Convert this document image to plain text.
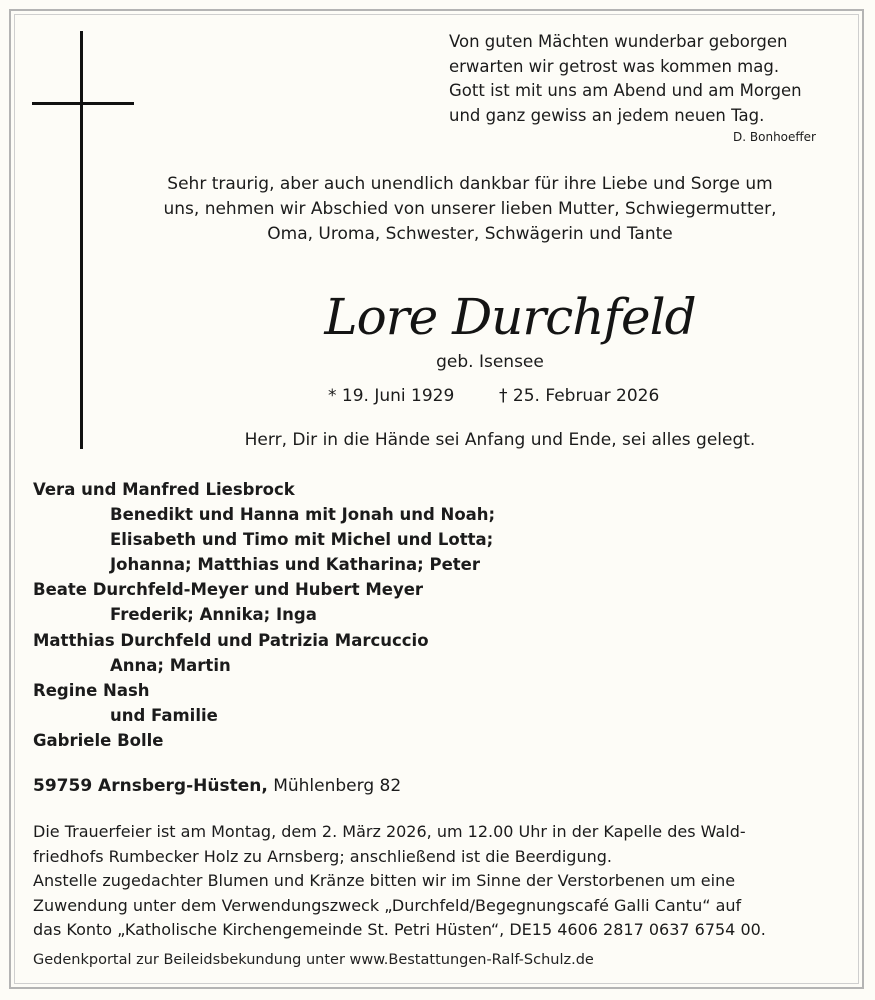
Von guten Mächten wunderbar geborgen
erwarten wir getrost was kommen mag.
Gott ist mit uns am Abend und am Morgen
und ganz gewiss an jedem neuen Tag.
D. Bonhoeffer
Sehr traurig, aber auch unendlich dankbar für ihre Liebe und Sorge um
uns, nehmen wir Abschied von unserer lieben Mutter, Schwiegermutter,
Oma, Uroma, Schwester, Schwägerin und Tante
Lore Durchfeld
geb. Isensee
* 19. Juni 1929	† 25. Februar 2026
Herr, Dir in die Hände sei Anfang und Ende, sei alles gelegt.
Vera und Manfred Liesbrock
Benedikt und Hanna mit Jonah und Noah;
Elisabeth und Timo mit Michel und Lotta;
Johanna; Matthias und Katharina; Peter
Beate Durchfeld-Meyer und Hubert Meyer
Frederik; Annika; Inga
Matthias Durchfeld und Patrizia Marcuccio
Anna; Martin
Regine Nash
und Familie
Gabriele Bolle
59759 Arnsberg-Hüsten, Mühlenberg 82
Die Trauerfeier ist am Montag, dem 2. März 2026, um 12.00 Uhr in der Kapelle des Wald-
friedhofs Rumbecker Holz zu Arnsberg; anschließend ist die Beerdigung.
Anstelle zugedachter Blumen und Kränze bitten wir im Sinne der Verstorbenen um eine
Zuwendung unter dem Verwendungszweck „Durchfeld/Begegnungscafé Galli Cantu“ auf
das Konto „Katholische Kirchengemeinde St. Petri Hüsten“, DE15 4606 2817 0637 6754 00.
Gedenkportal zur Beileidsbekundung unter www.Bestattungen-Ralf-Schulz.de
